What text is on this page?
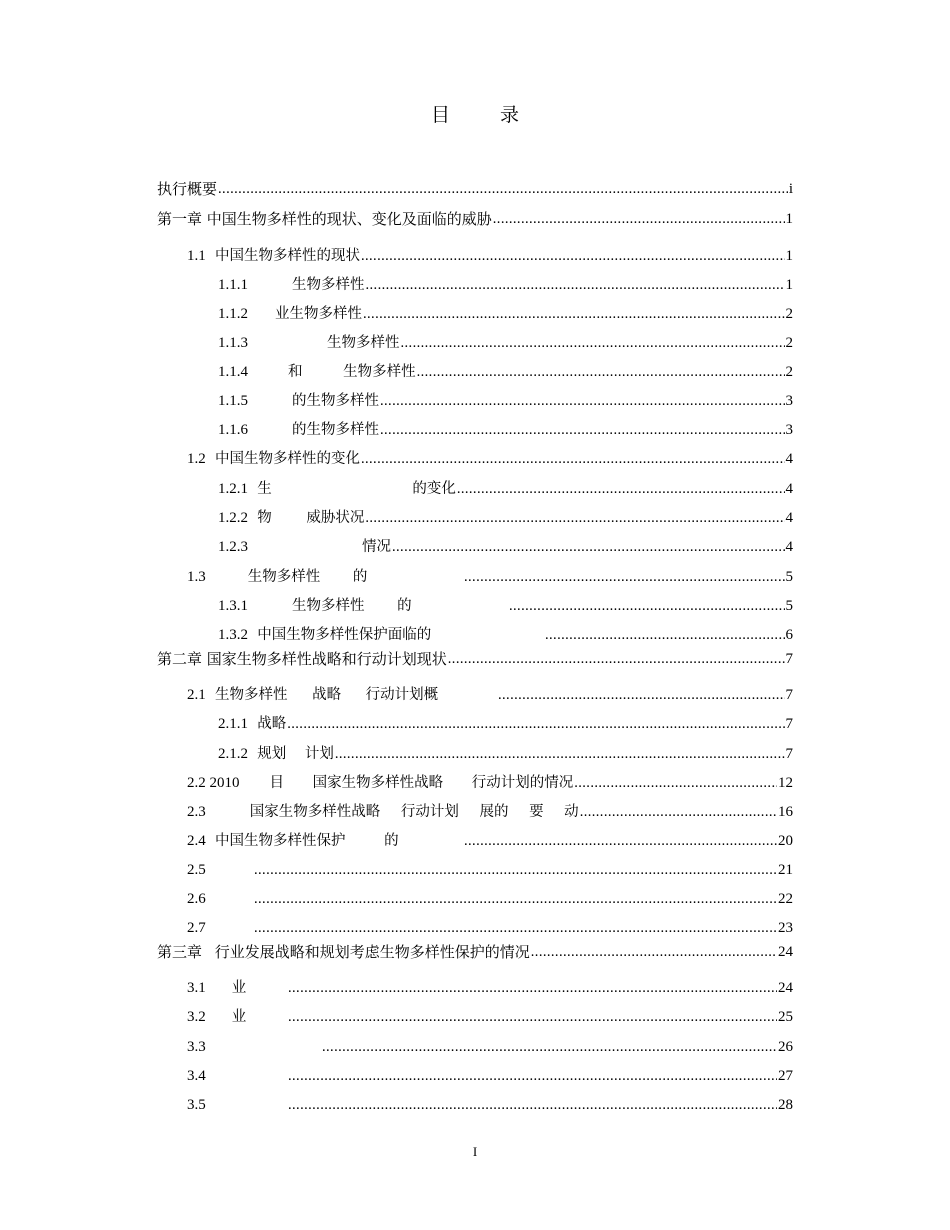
目 录
执行概要 .....	i
第一章 中国生物多样性的现状、变化及面临的威胁 .....	1
1.1 中国生物多样性的现状 .....	1
1.1.1	生物多样性 .....	1
1.1.2 业生物多样性 .....	2
1.1.3	生物多样性 .....	2
1.1.4	和 生物多样性 .....	2
1.1.5	的生物多样性 .....	3
1.1.6	的生物多样性 .....	3
1.2 中国生物多样性的变化 .....	4
1.2.1 生 的变化 .....	4
1.2.2 物 威胁状况 .....	4
1.2.3	情况 .....	4
1.3	生物多样性 的 .....	5
1.3.1	生物多样性 的 .....	5
1.3.2 中国生物多样性保护面临的 .....	6
第二章 国家生物多样性战略和行动计划现状 .....	7
2.1 生物多样性 战略 行动计划概 .....	7
2.1.1 战略 .....	7
2.1.2 规划 计划 .....	7
2.2 2010 目 国家生物多样性战略 行动计划的情况 .....	12
2.3	国家生物多样性战略 行动计划 展的 要 动 .....	16
2.4 中国生物多样性保护 的 .....	20
2.5 .....	21
2.6 .....	22
2.7 .....	23
第三章 行业发展战略和规划考虑生物多样性保护的情况 .....	24
3.1 业 .....	24
3.2 业 .....	25
3.3 .....	26
3.4 .....	27
3.5 .....	28
I
